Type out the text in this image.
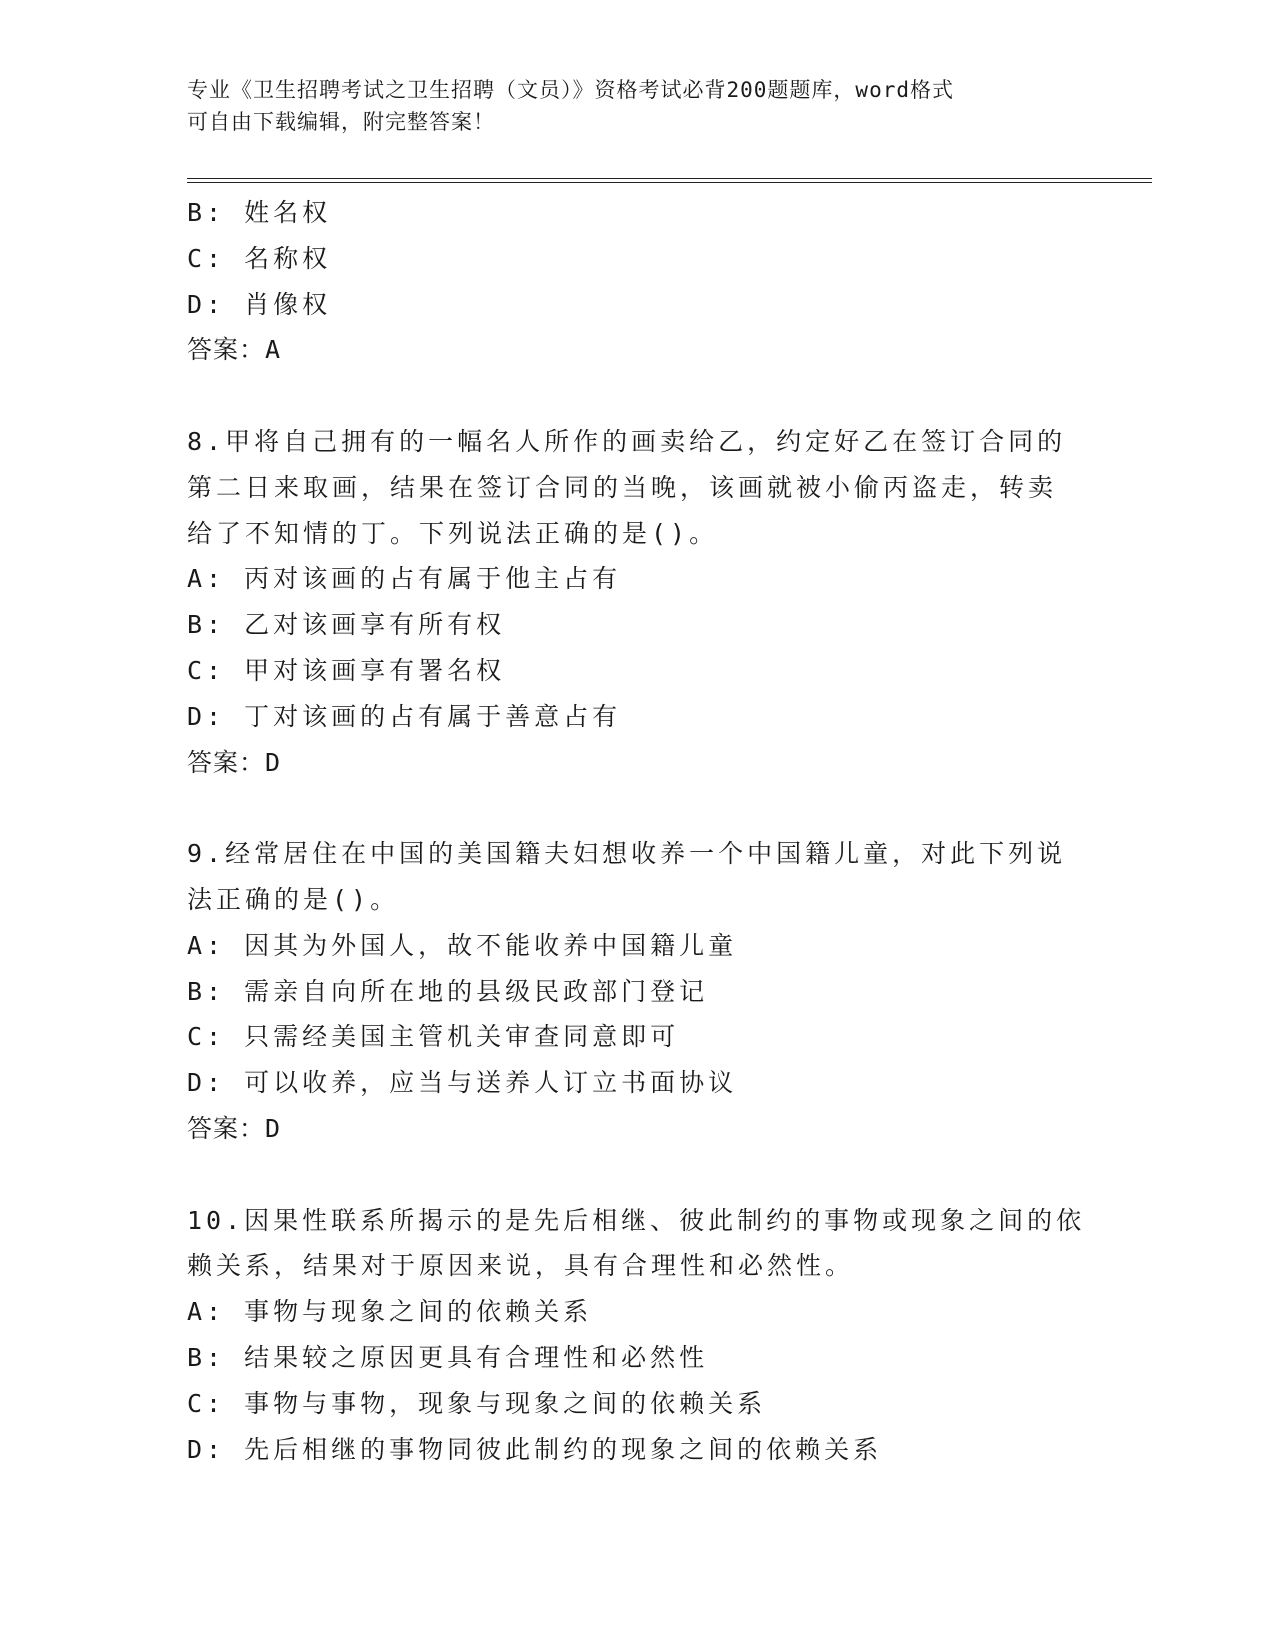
专业《卫生招聘考试之卫生招聘（文员）》资格考试必背200题题库，word格式
可自由下载编辑，附完整答案！

B: 姓名权

C: 名称权

D: 肖像权

答案：A

8.甲将自己拥有的一幅名人所作的画卖给乙，约定好乙在签订合同的

第二日来取画，结果在签订合同的当晚，该画就被小偷丙盗走，转卖

给了不知情的丁。下列说法正确的是()。

A: 丙对该画的占有属于他主占有

B: 乙对该画享有所有权

C: 甲对该画享有署名权

D: 丁对该画的占有属于善意占有

答案：D

9.经常居住在中国的美国籍夫妇想收养一个中国籍儿童，对此下列说

法正确的是()。

A: 因其为外国人，故不能收养中国籍儿童

B: 需亲自向所在地的县级民政部门登记

C: 只需经美国主管机关审查同意即可

D: 可以收养，应当与送养人订立书面协议

答案：D

10.因果性联系所揭示的是先后相继、彼此制约的事物或现象之间的依

赖关系，结果对于原因来说，具有合理性和必然性。

A: 事物与现象之间的依赖关系

B: 结果较之原因更具有合理性和必然性

C: 事物与事物，现象与现象之间的依赖关系

D: 先后相继的事物同彼此制约的现象之间的依赖关系
